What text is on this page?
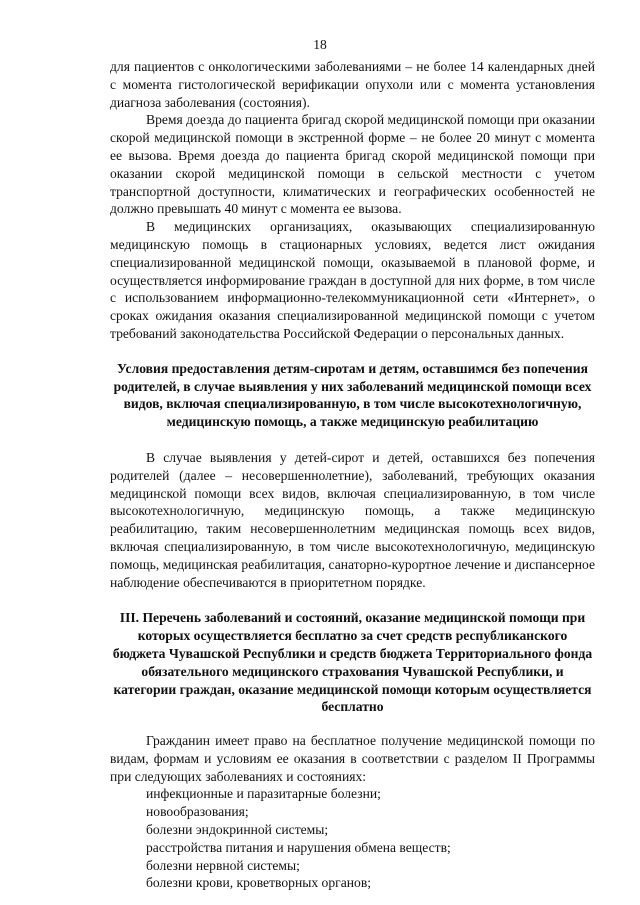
18

для пациентов с онкологическими заболеваниями – не более 14 календарных дней с момента гистологической верификации опухоли или с момента установления диагноза заболевания (состояния).

Время доезда до пациента бригад скорой медицинской помощи при оказании скорой медицинской помощи в экстренной форме – не более 20 минут с момента ее вызова. Время доезда до пациента бригад скорой медицинской помощи при оказании скорой медицинской помощи в сельской местности с учетом транспортной доступности, климатических и географических особенностей не должно превышать 40 минут с момента ее вызова.

В медицинских организациях, оказывающих специализированную медицинскую помощь в стационарных условиях, ведется лист ожидания специализированной медицинской помощи, оказываемой в плановой форме, и осуществляется информирование граждан в доступной для них форме, в том числе с использованием информационно-телекоммуникационной сети «Интернет», о сроках ожидания оказания специализированной медицинской помощи с учетом требований законодательства Российской Федерации о персональных данных.

Условия предоставления детям-сиротам и детям, оставшимся без попечения родителей, в случае выявления у них заболеваний медицинской помощи всех видов, включая специализированную, в том числе высокотехнологичную, медицинскую помощь, а также медицинскую реабилитацию

В случае выявления у детей-сирот и детей, оставшихся без попечения родителей (далее – несовершеннолетние), заболеваний, требующих оказания медицинской помощи всех видов, включая специализированную, в том числе высокотехнологичную, медицинскую помощь, а также медицинскую реабилитацию, таким несовершеннолетним медицинская помощь всех видов, включая специализированную, в том числе высокотехнологичную, медицинскую помощь, медицинская реабилитация, санаторно-курортное лечение и диспансерное наблюдение обеспечиваются в приоритетном порядке.

III. Перечень заболеваний и состояний, оказание медицинской помощи при которых осуществляется бесплатно за счет средств республиканского бюджета Чувашской Республики и средств бюджета Территориального фонда обязательного медицинского страхования Чувашской Республики, и категории граждан, оказание медицинской помощи которым осуществляется бесплатно

Гражданин имеет право на бесплатное получение медицинской помощи по видам, формам и условиям ее оказания в соответствии с разделом II Программы при следующих заболеваниях и состояниях:

инфекционные и паразитарные болезни;
новообразования;
болезни эндокринной системы;
расстройства питания и нарушения обмена веществ;
болезни нервной системы;
болезни крови, кроветворных органов;
